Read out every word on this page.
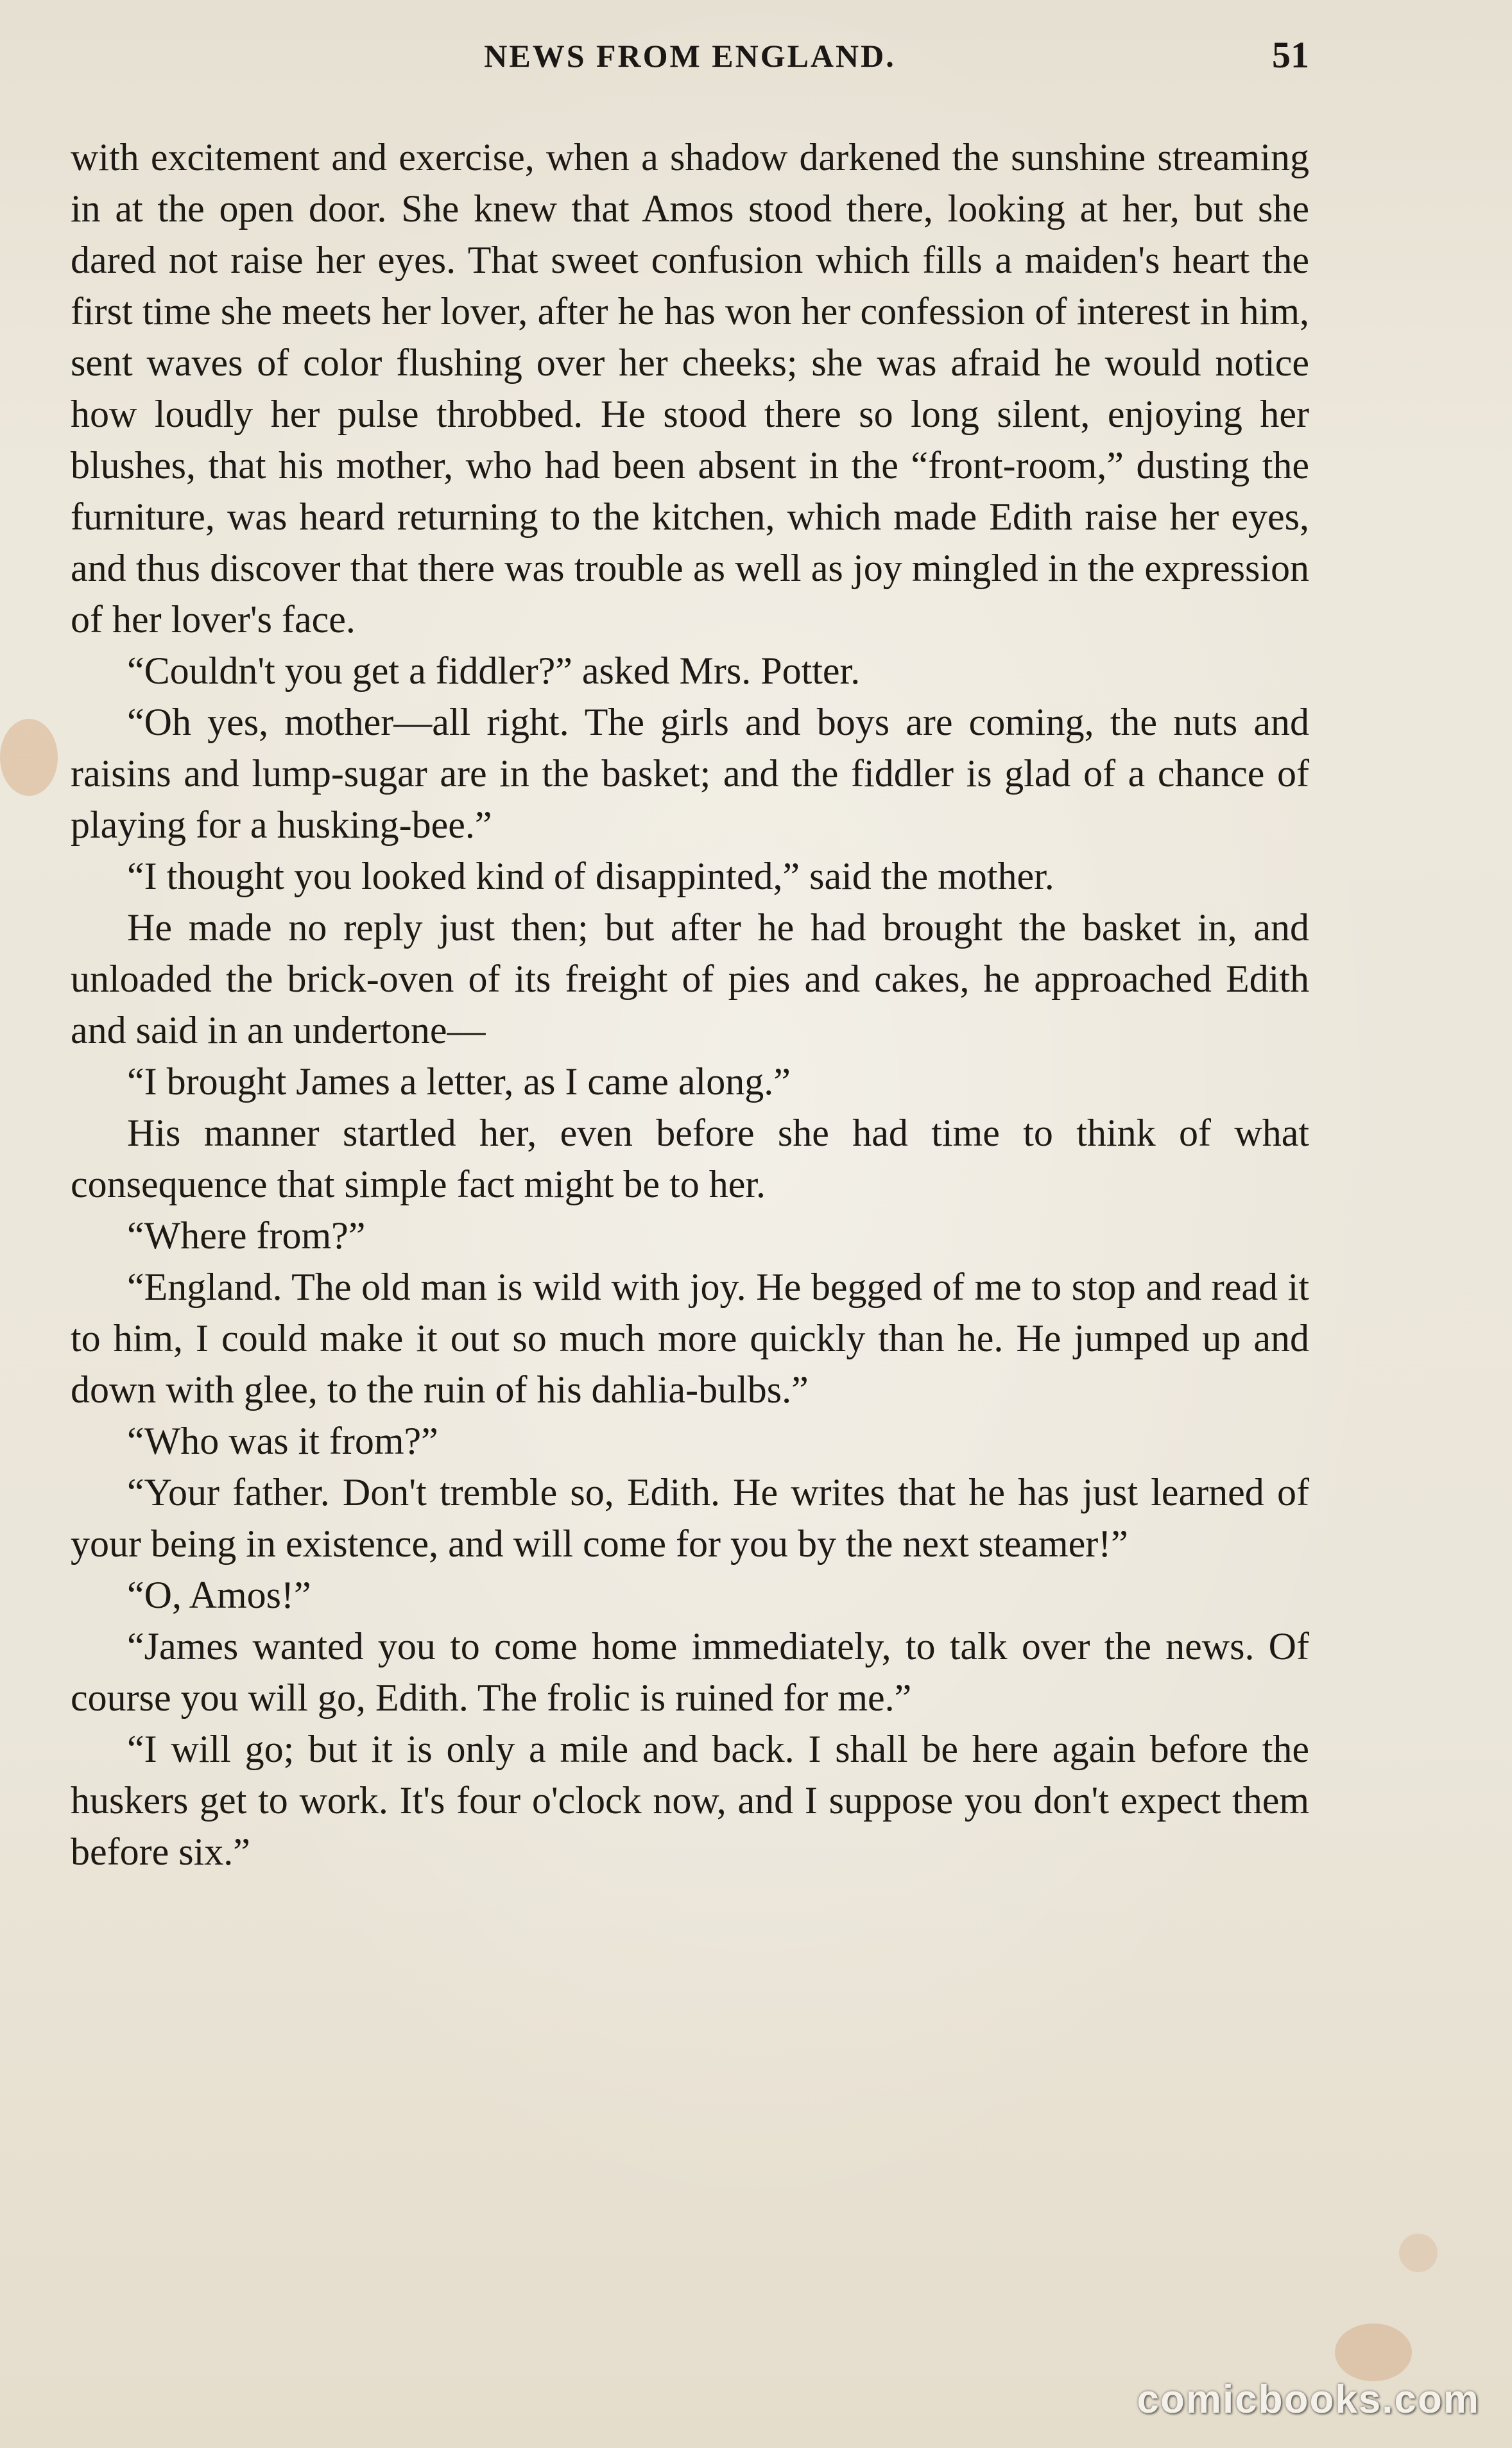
NEWS FROM ENGLAND.	51

with excitement and exercise, when a shadow darkened the sunshine streaming in at the open door. She knew that Amos stood there, looking at her, but she dared not raise her eyes. That sweet confusion which fills a maiden's heart the first time she meets her lover, after he has won her confession of interest in him, sent waves of color flushing over her cheeks; she was afraid he would notice how loudly her pulse throbbed. He stood there so long silent, enjoying her blushes, that his mother, who had been absent in the “front-room,” dusting the furniture, was heard returning to the kitchen, which made Edith raise her eyes, and thus discover that there was trouble as well as joy mingled in the expression of her lover's face.

“Couldn't you get a fiddler?” asked Mrs. Potter.

“Oh yes, mother—all right. The girls and boys are coming, the nuts and raisins and lump-sugar are in the basket; and the fiddler is glad of a chance of playing for a husking-bee.”

“I thought you looked kind of disappinted,” said the mother.

He made no reply just then; but after he had brought the basket in, and unloaded the brick-oven of its freight of pies and cakes, he approached Edith and said in an undertone—

“I brought James a letter, as I came along.”

His manner startled her, even before she had time to think of what consequence that simple fact might be to her.

“Where from?”

“England. The old man is wild with joy. He begged of me to stop and read it to him, I could make it out so much more quickly than he. He jumped up and down with glee, to the ruin of his dahlia-bulbs.”

“Who was it from?”

“Your father. Don't tremble so, Edith. He writes that he has just learned of your being in existence, and will come for you by the next steamer!”

“O, Amos!”

“James wanted you to come home immediately, to talk over the news. Of course you will go, Edith. The frolic is ruined for me.”

“I will go; but it is only a mile and back. I shall be here again before the huskers get to work. It's four o'clock now, and I suppose you don't expect them before six.”

comicbooks.com
